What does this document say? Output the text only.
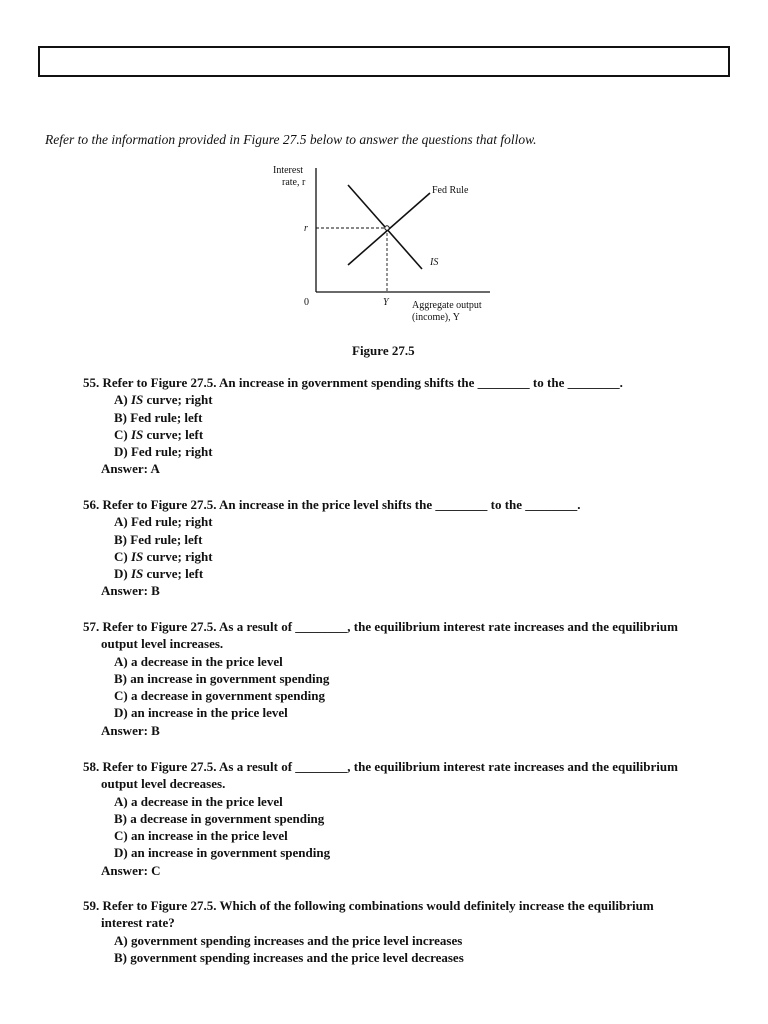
Refer to the information provided in Figure 27.5 below to answer the questions that follow.
Interest
rate, r
Fed Rule
r
IS
0	Y Aggregate output
(income), Y
Figure 27.5
55. Refer to Figure 27.5. An increase in government spending shifts the ________ to the ________.
A) IS curve; right
B) Fed rule; left
C) IS curve; left
D) Fed rule; right
Answer: A
56. Refer to Figure 27.5. An increase in the price level shifts the ________ to the ________.
A) Fed rule; right
B) Fed rule; left
C) IS curve; right
D) IS curve; left
Answer: B
57. Refer to Figure 27.5. As a result of ________, the equilibrium interest rate increases and the equilibrium
output level increases.
A) a decrease in the price level
B) an increase in government spending
C) a decrease in government spending
D) an increase in the price level
Answer: B
58. Refer to Figure 27.5. As a result of ________, the equilibrium interest rate increases and the equilibrium
output level decreases.
A) a decrease in the price level
B) a decrease in government spending
C) an increase in the price level
D) an increase in government spending
Answer: C
59. Refer to Figure 27.5. Which of the following combinations would definitely increase the equilibrium
interest rate?
A) government spending increases and the price level increases
B) government spending increases and the price level decreases
